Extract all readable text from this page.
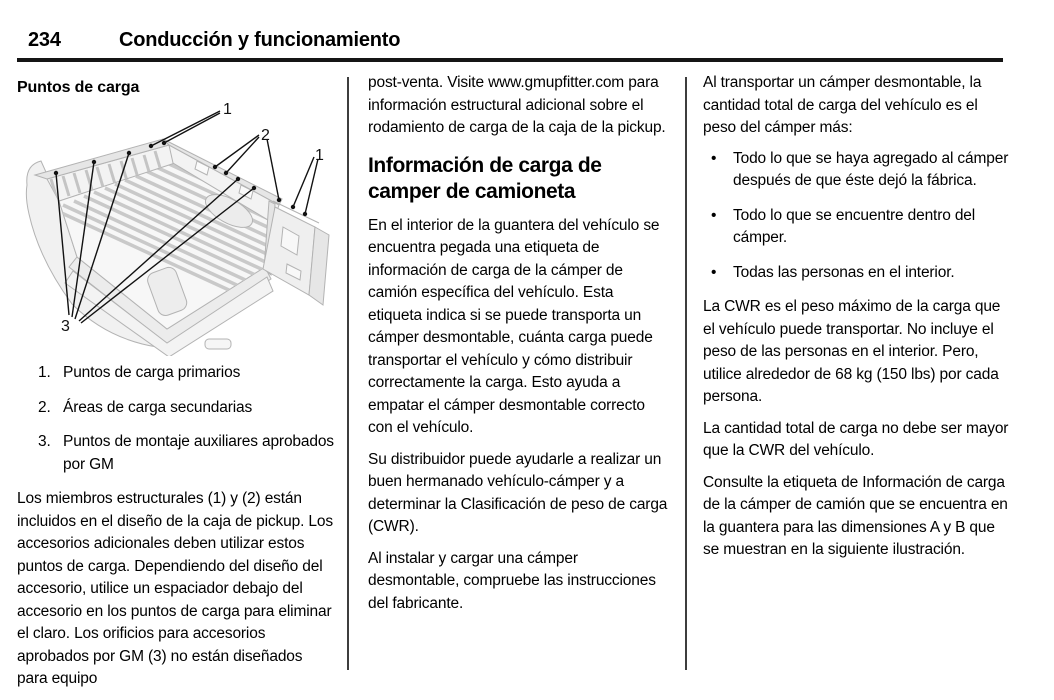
234	Conducción y funcionamiento
Puntos de carga
1
2
1
3
1. Puntos de carga primarios
2. Áreas de carga secundarias
3. Puntos de montaje auxiliares aprobados por GM

Los miembros estructurales (1) y (2) están incluidos en el diseño de la caja de pickup. Los accesorios adicionales deben utilizar estos puntos de carga. Dependiendo del diseño del accesorio, utilice un espaciador debajo del accesorio en los puntos de carga para eliminar el claro. Los orificios para accesorios aprobados por GM (3) no están diseñados para equipo

post-venta. Visite www.gmupfitter.com para información estructural adicional sobre el rodamiento de carga de la caja de la pickup.

Información de carga de camper de camioneta

En el interior de la guantera del vehículo se encuentra pegada una etiqueta de información de carga de la cámper de camión específica del vehículo. Esta etiqueta indica si se puede transporta un cámper desmontable, cuánta carga puede transportar el vehículo y cómo distribuir correctamente la carga. Esto ayuda a empatar el cámper desmontable correcto con el vehículo.

Su distribuidor puede ayudarle a realizar un buen hermanado vehículo-cámper y a determinar la Clasificación de peso de carga (CWR).

Al instalar y cargar una cámper desmontable, compruebe las instrucciones del fabricante.

Al transportar un cámper desmontable, la cantidad total de carga del vehículo es el peso del cámper más:

•	Todo lo que se haya agregado al cámper después de que éste dejó la fábrica.
•	Todo lo que se encuentre dentro del cámper.
•	Todas las personas en el interior.

La CWR es el peso máximo de la carga que el vehículo puede transportar. No incluye el peso de las personas en el interior. Pero, utilice alrededor de 68 kg (150 lbs) por cada persona.

La cantidad total de carga no debe ser mayor que la CWR del vehículo.

Consulte la etiqueta de Información de carga de la cámper de camión que se encuentra en la guantera para las dimensiones A y B que se muestran en la siguiente ilustración.
